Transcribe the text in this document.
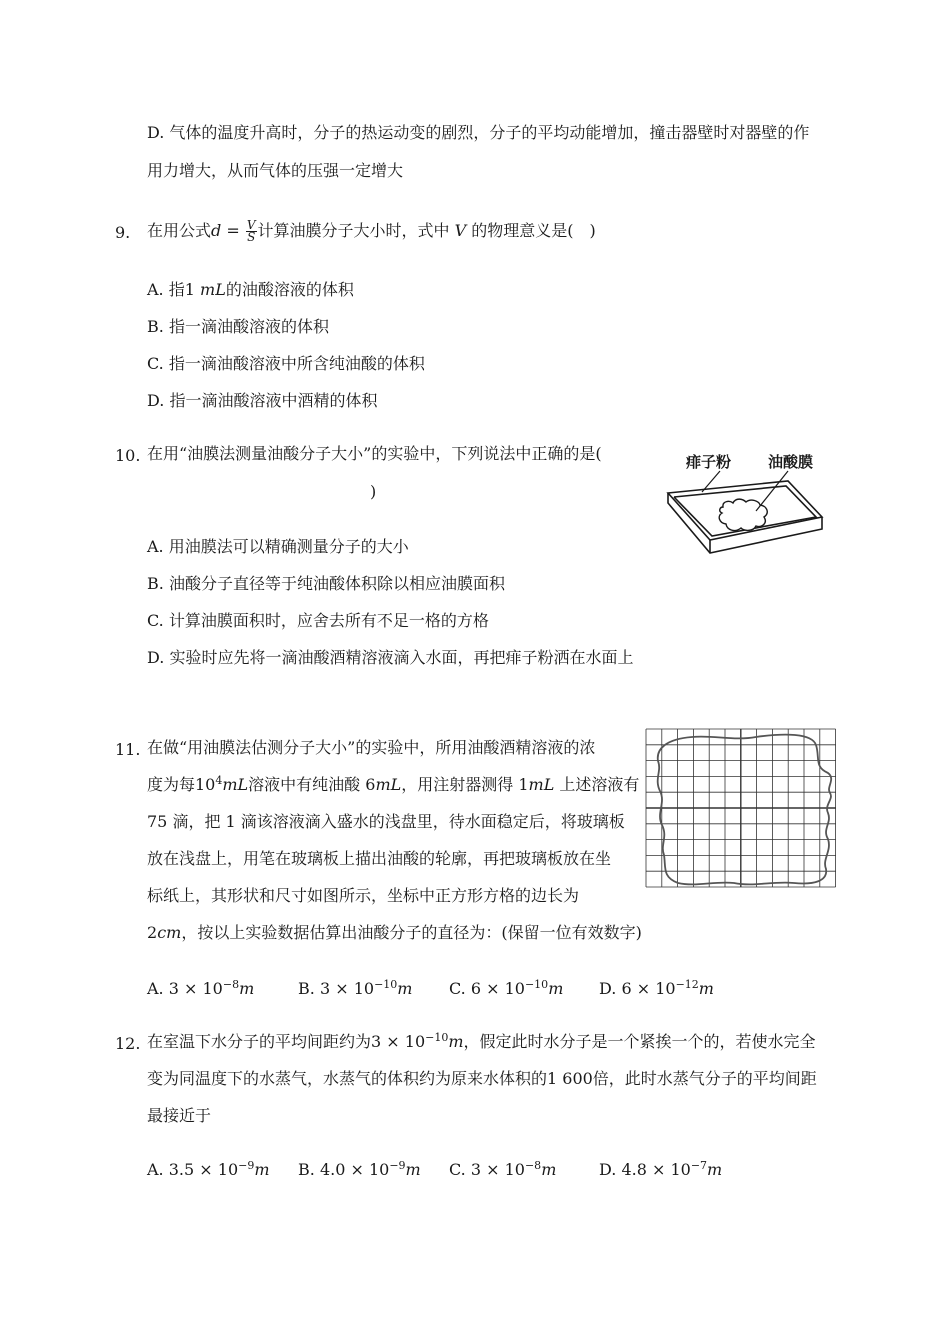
D. 气体的温度升高时，分子的热运动变的剧烈，分子的平均动能增加，撞击器壁时对器壁的作
用力增大，从而气体的压强一定增大
9. 在用公式$d = \frac{V}{S}$ 计算油膜分子大小时，式中 V 的物理意义是(　)
A. 指1 mL的油酸溶液的体积
B. 指一滴油酸溶液的体积
C. 指一滴油酸溶液中所含纯油酸的体积
D. 指一滴油酸溶液中酒精的体积
10. 在用“油膜法测量油酸分子大小”的实验中，下列说法中正确的是(
)
痱子粉 油酸膜
A. 用油膜法可以精确测量分子的大小
B. 油酸分子直径等于纯油酸体积除以相应油膜面积
C. 计算油膜面积时，应舍去所有不足一格的方格
D. 实验时应先将一滴油酸酒精溶液滴入水面，再把痱子粉洒在水面上
11. 在做“用油膜法估测分子大小”的实验中，所用油酸酒精溶液的浓
度为每$10^4mL$溶液中有纯油酸 6mL，用注射器测得 1mL 上述溶液有
75 滴，把 1 滴该溶液滴入盛水的浅盘里，待水面稳定后，将玻璃板
放在浅盘上，用笔在玻璃板上描出油酸的轮廓，再把玻璃板放在坐
标纸上，其形状和尺寸如图所示，坐标中正方形方格的边长为
2cm，按以上实验数据估算出油酸分子的直径为：(保留一位有效数字)
A. $3 \times 10^{-8}m$	B. $3 \times 10^{-10}m$ C. $6 \times 10^{-10}m$ D. $6 \times 10^{-12}m$
12. 在室温下水分子的平均间距约为$3 \times 10^{-10}m$，假定此时水分子是一个紧挨一个的，若使水完全
变为同温度下的水蒸气，水蒸气的体积约为原来水体积的1 600倍，此时水蒸气分子的平均间距
最接近于
A. $3.5 \times 10^{-9}m$ B. $4.0 \times 10^{-9}m$ C. $3 \times 10^{-8}m$	D. $4.8 \times 10^{-7}m$
